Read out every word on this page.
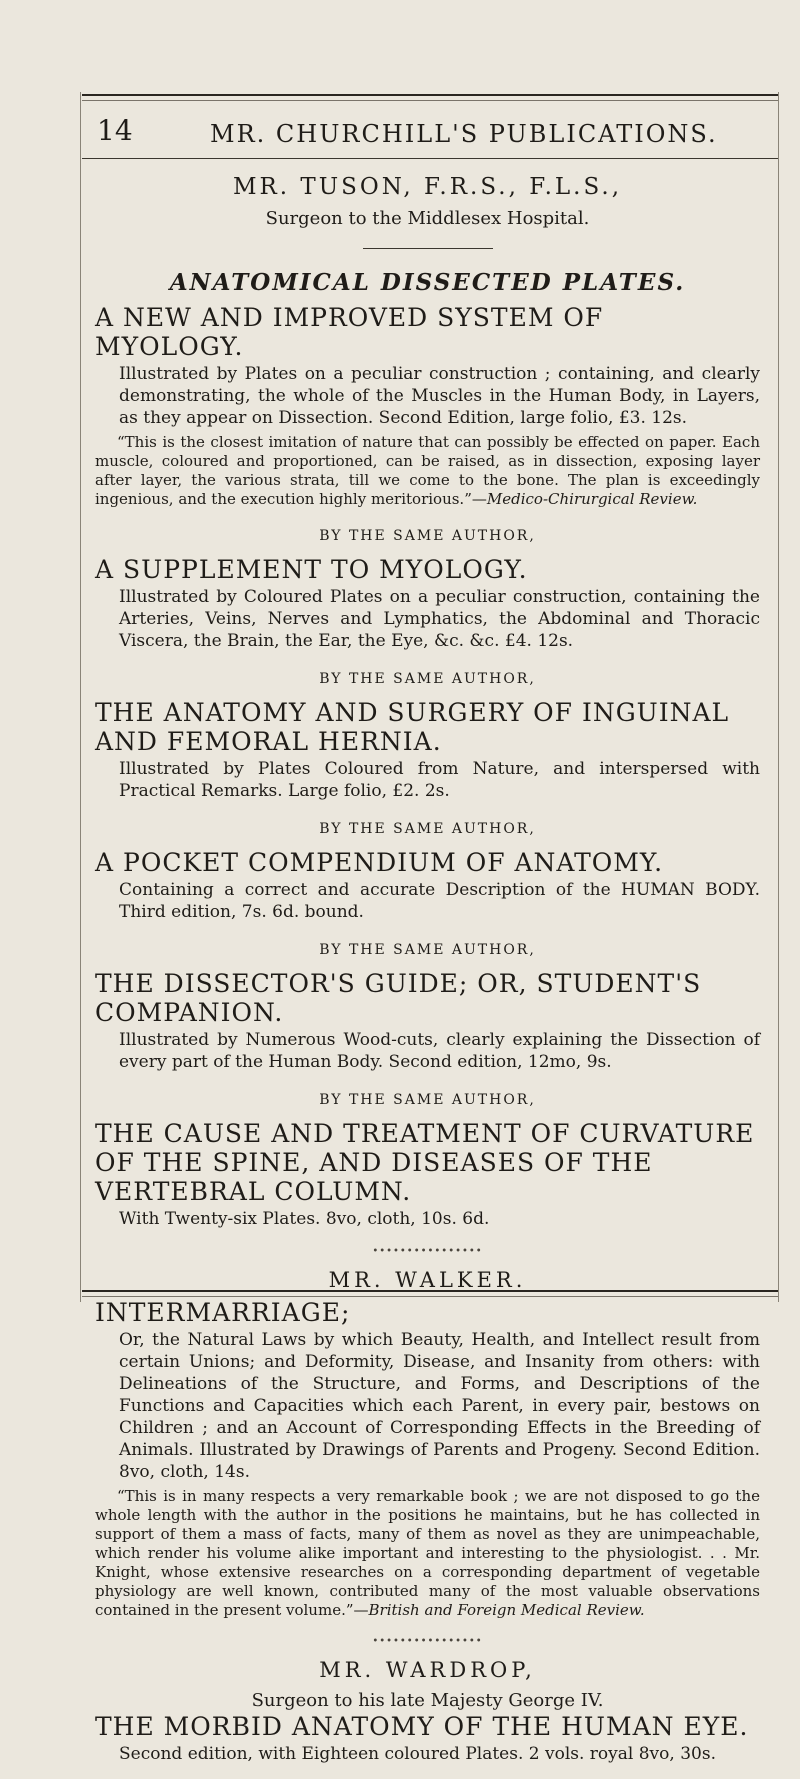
14	MR. CHURCHILL'S PUBLICATIONS.

MR. TUSON, F.R.S., F.L.S.,

Surgeon to the Middlesex Hospital.

ANATOMICAL DISSECTED PLATES.

A NEW AND IMPROVED SYSTEM OF MYOLOGY.

Illustrated by Plates on a peculiar construction ; containing, and clearly demonstrating, the whole of the Muscles in the Human Body, in Layers, as they appear on Dissection. Second Edition, large folio, £3. 12s.

“This is the closest imitation of nature that can possibly be effected on paper. Each muscle, coloured and proportioned, can be raised, as in dissection, exposing layer after layer, the various strata, till we come to the bone. The plan is exceedingly ingenious, and the execution highly meritorious.”—Medico-Chirurgical Review.

BY THE SAME AUTHOR,

A SUPPLEMENT TO MYOLOGY.

Illustrated by Coloured Plates on a peculiar construction, containing the Arteries, Veins, Nerves and Lymphatics, the Abdominal and Thoracic Viscera, the Brain, the Ear, the Eye, &c. &c. £4. 12s.

BY THE SAME AUTHOR,

THE ANATOMY AND SURGERY OF INGUINAL AND FEMORAL HERNIA.

Illustrated by Plates Coloured from Nature, and interspersed with Practical Remarks. Large folio, £2. 2s.

BY THE SAME AUTHOR,

A POCKET COMPENDIUM OF ANATOMY.

Containing a correct and accurate Description of the HUMAN BODY. Third edition, 7s. 6d. bound.

BY THE SAME AUTHOR,

THE DISSECTOR'S GUIDE; OR, STUDENT'S COMPANION.

Illustrated by Numerous Wood-cuts, clearly explaining the Dissection of every part of the Human Body. Second edition, 12mo, 9s.

BY THE SAME AUTHOR,

THE CAUSE AND TREATMENT OF CURVATURE OF THE SPINE, AND DISEASES OF THE VERTEBRAL COLUMN.

With Twenty-six Plates. 8vo, cloth, 10s. 6d.

••••••••••••••••

MR. WALKER.

INTERMARRIAGE;

Or, the Natural Laws by which Beauty, Health, and Intellect result from certain Unions; and Deformity, Disease, and Insanity from others: with Delineations of the Structure, and Forms, and Descriptions of the Functions and Capacities which each Parent, in every pair, bestows on Children ; and an Account of Corresponding Effects in the Breeding of Animals. Illustrated by Drawings of Parents and Progeny. Second Edition. 8vo, cloth, 14s.

“This is in many respects a very remarkable book ; we are not disposed to go the whole length with the author in the positions he maintains, but he has collected in support of them a mass of facts, many of them as novel as they are unimpeachable, which render his volume alike important and interesting to the physiologist. . . Mr. Knight, whose extensive researches on a corresponding department of vegetable physiology are well known, contributed many of the most valuable observations contained in the present volume.”—British and Foreign Medical Review.

••••••••••••••••

MR. WARDROP,

Surgeon to his late Majesty George IV.

THE MORBID ANATOMY OF THE HUMAN EYE.

Second edition, with Eighteen coloured Plates. 2 vols. royal 8vo, 30s.
